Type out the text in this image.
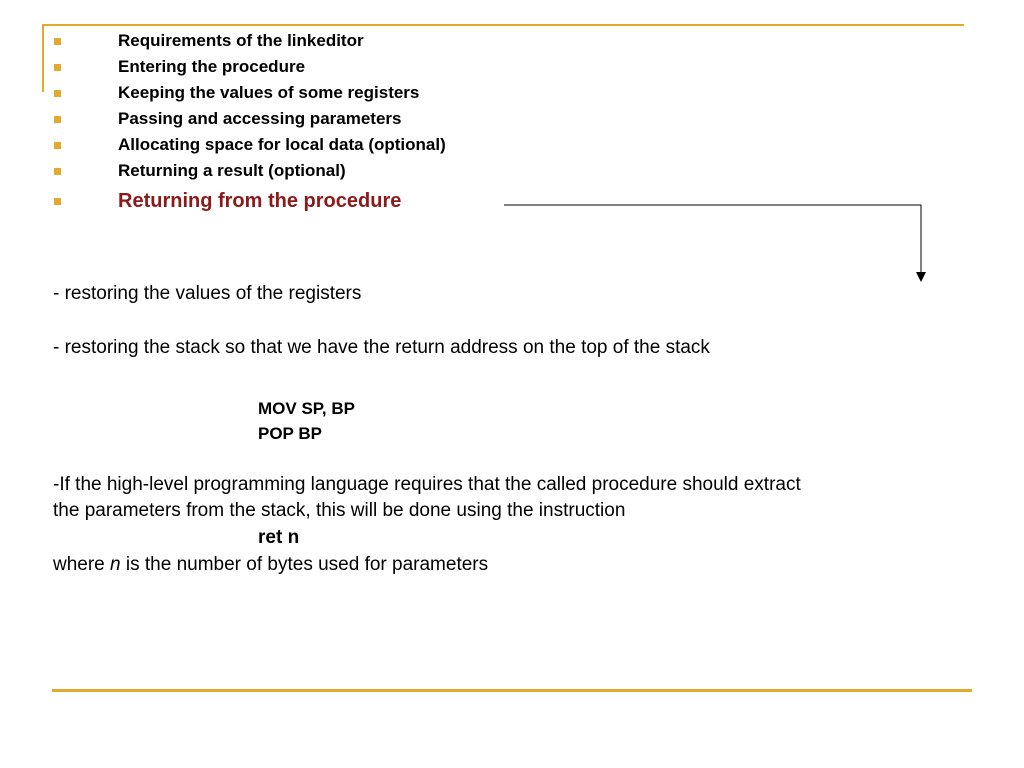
Requirements of the linkeditor
Entering the procedure
Keeping the values of some registers
Passing and accessing parameters
Allocating space for local data (optional)
Returning a result (optional)
Returning from the procedure
- restoring the values of the registers
- restoring the stack so that we have the return address on the top of the stack
MOV SP, BP
POP BP
-If the high-level programming language requires that the called procedure should extract
the parameters from the stack, this will be done using the instruction
ret n
where n is the number of bytes used for parameters
